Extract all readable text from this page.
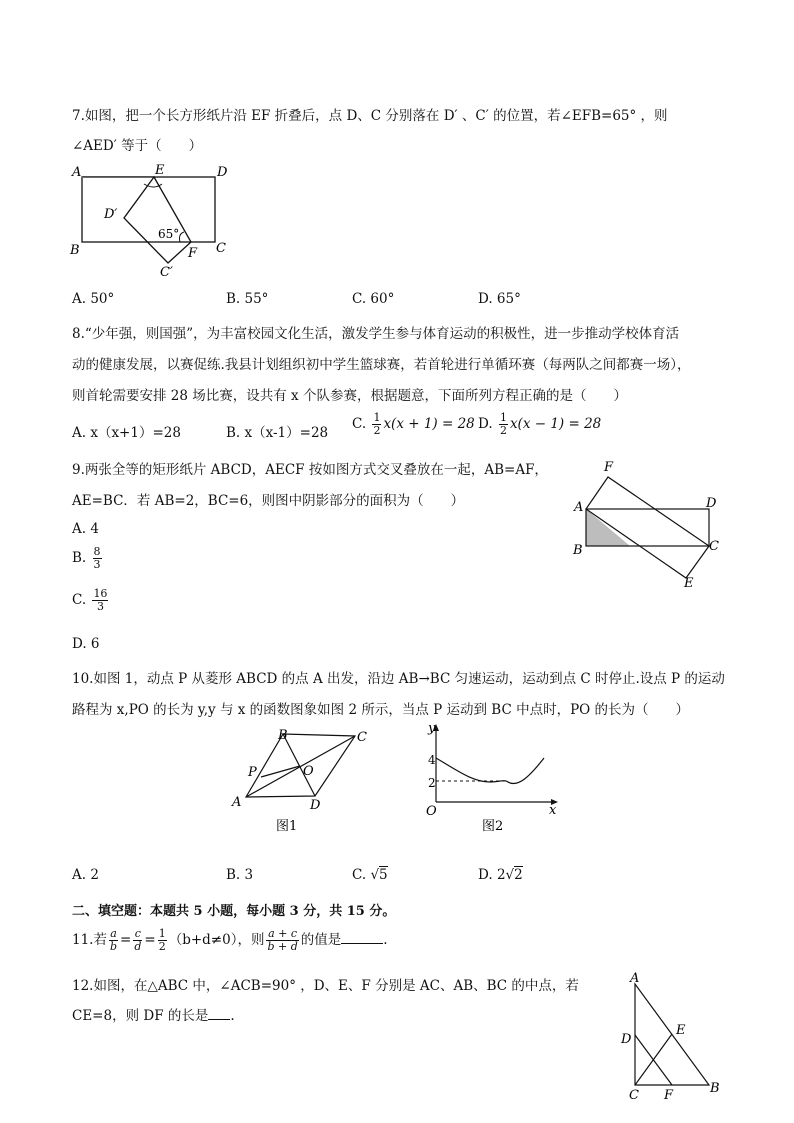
7.如图，把一个长方形纸片沿 EF 折叠后，点 D、C 分别落在 D′ 、C′ 的位置，若∠EFB=65° ，则
∠AED′ 等于（　　）
A	E	D
D′
B
65°
F C
C′
A. 50°	B. 55°	C. 60°	D. 65°
8.“少年强，则国强”，为丰富校园文化生活，激发学生参与体育运动的积极性，进一步推动学校体育活
动的健康发展，以赛促练.我县计划组织初中学生篮球赛，若首轮进行单循环赛（每两队之间都赛一场），
则首轮需要安排 28 场比赛，设共有 x 个队参赛，根据题意，下面所列方程正确的是（　　）
A. x（x+1）=28	B. x（x-1）=28
C. $\frac{1}{2} x(x + 1) = 28$ D. $\frac{1}{2} x(x - 1) = 28$
9.两张全等的矩形纸片 ABCD，AECF 按如图方式交叉叠放在一起，AB=AF，
AE=BC．若 AB=2，BC=6，则图中阴影部分的面积为（　　）
A. 4
B. $\frac{8}{3}$
C. $\frac{16}{3}$
D. 6
F
A	D
B	C
E
10.如图 1，动点 P 从菱形 ABCD 的点 A 出发，沿边 AB→BC 匀速运动，运动到点 C 时停止.设点 P 的运动
路程为 x,PO 的长为 y,y 与 x 的函数图象如图 2 所示，当点 P 运动到 BC 中点时，PO 的长为（　　）
B	C
P	O
A	D
图1
y
4
2
O	x
图2
A. 2	B. 3	C. √5	D. 2√2
二、填空题：本题共 5 小题，每小题 3 分，共 15 分。
11.若 $\frac{a}{b} = \frac{c}{d} = \frac{1}{2} (b+d\ne 0)$，则 $\frac{a + c}{b + d}$ 的值是	.
12.如图，在△ABC 中，∠ACB=90° ，D、E、F 分别是 AC、AB、BC 的中点，若
CE=8，则 DF 的长是 .
A
D
E
C F	B
